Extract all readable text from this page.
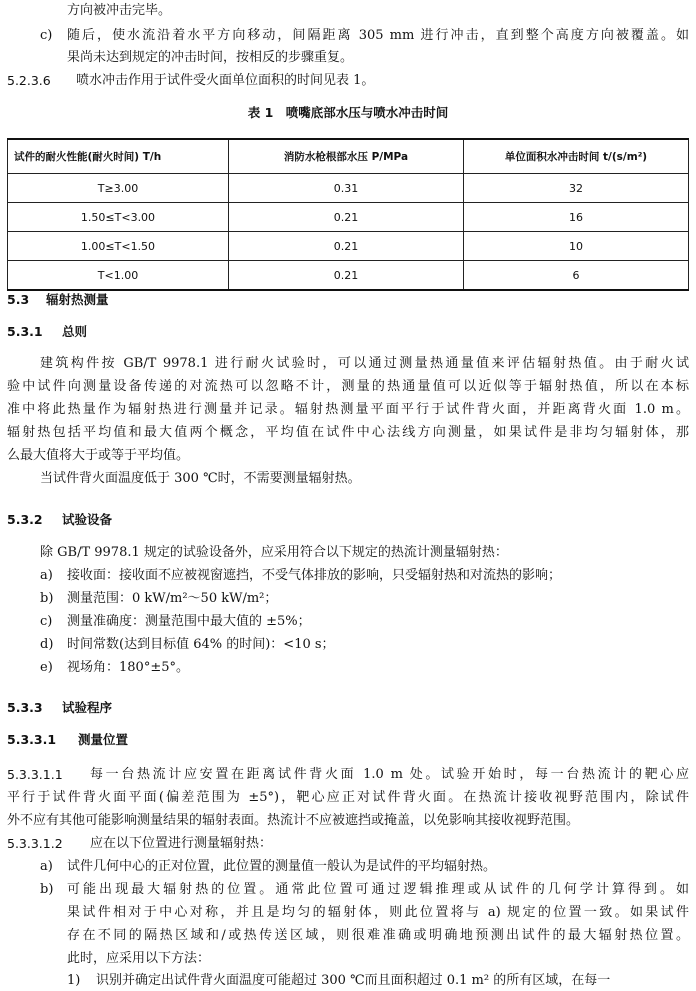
方向被冲击完毕。
c) 随后，使水流沿着水平方向移动，间隔距离 305 mm 进行冲击，直到整个高度方向被覆盖。如
果尚未达到规定的冲击时间，按相反的步骤重复。
5.2.3.6 喷水冲击作用于试件受火面单位面积的时间见表 1。
表 1　喷嘴底部水压与喷水冲击时间
试件的耐火性能(耐火时间) T/h	消防水枪根部水压 P/MPa	单位面积水冲击时间 t/(s/m²)
T≥3.00	0.31	32
1.50≤T<3.00	0.21	16
1.00≤T<1.50	0.21	10
T<1.00	0.21	6
5.3 辐射热测量
5.3.1 总则
建筑构件按 GB/T 9978.1 进行耐火试验时，可以通过测量热通量值来评估辐射热值。由于耐火试
验中试件向测量设备传递的对流热可以忽略不计，测量的热通量值可以近似等于辐射热值，所以在本标
准中将此热量作为辐射热进行测量并记录。辐射热测量平面平行于试件背火面，并距离背火面 1.0 m。
辐射热包括平均值和最大值两个概念，平均值在试件中心法线方向测量，如果试件是非均匀辐射体，那
么最大值将大于或等于平均值。
当试件背火面温度低于 300 ℃时，不需要测量辐射热。
5.3.2 试验设备
除 GB/T 9978.1 规定的试验设备外，应采用符合以下规定的热流计测量辐射热：
a) 接收面：接收面不应被视窗遮挡，不受气体排放的影响，只受辐射热和对流热的影响；
b) 测量范围：0 kW/m²～50 kW/m²；
c) 测量准确度：测量范围中最大值的 ±5%；
d) 时间常数(达到目标值 64% 的时间)：<10 s；
e) 视场角：180°±5°。
5.3.3 试验程序
5.3.3.1 测量位置
5.3.3.1.1 每一台热流计应安置在距离试件背火面 1.0 m 处。试验开始时，每一台热流计的靶心应
平行于试件背火面平面(偏差范围为 ±5°)，靶心应正对试件背火面。在热流计接收视野范围内，除试件
外不应有其他可能影响测量结果的辐射表面。热流计不应被遮挡或掩盖，以免影响其接收视野范围。
5.3.3.1.2 应在以下位置进行测量辐射热：
a) 试件几何中心的正对位置，此位置的测量值一般认为是试件的平均辐射热。
b) 可能出现最大辐射热的位置。通常此位置可通过逻辑推理或从试件的几何学计算得到。如
果试件相对于中心对称，并且是均匀的辐射体，则此位置将与 a) 规定的位置一致。如果试件
存在不同的隔热区域和/或热传送区域，则很难准确或明确地预测出试件的最大辐射热位置。
此时，应采用以下方法：
1) 识别并确定出试件背火面温度可能超过 300 ℃而且面积超过 0.1 m² 的所有区域，在每一
